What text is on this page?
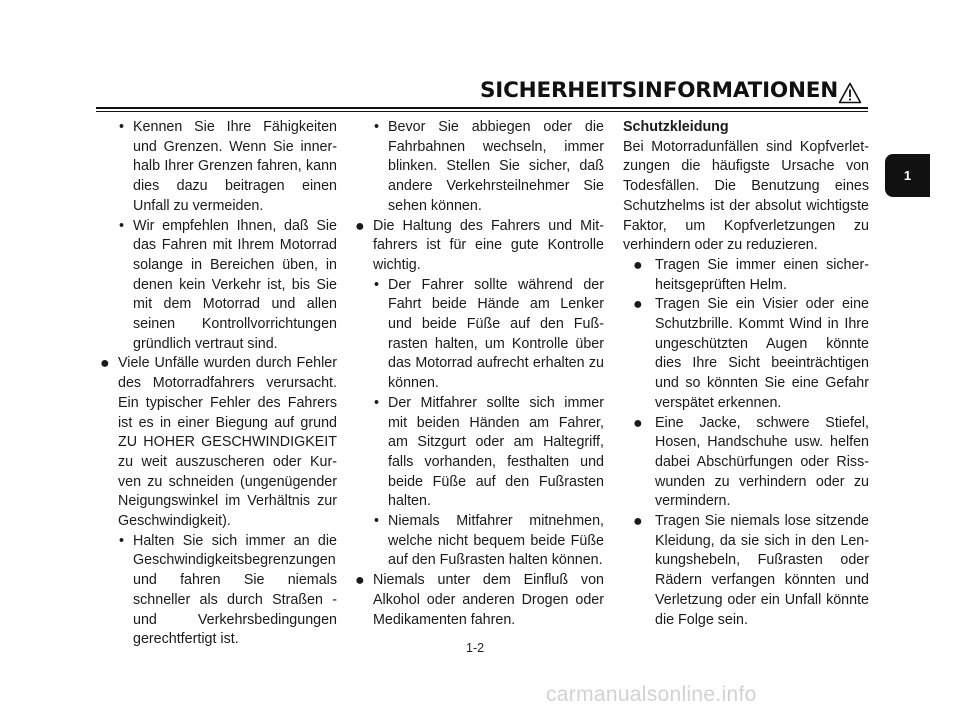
SICHERHEITSINFORMATIONEN
1

• Kennen Sie Ihre Fähigkeiten und Grenzen. Wenn Sie innerhalb Ihrer Grenzen fahren, kann dies dazu beitragen einen Unfall zu vermeiden.

• Wir empfehlen Ihnen, daß Sie das Fahren mit Ihrem Motorrad solange in Bereichen üben, in denen kein Verkehr ist, bis Sie mit dem Motorrad und allen seinen Kontrollvorrichtungen gründlich vertraut sind.

● Viele Unfälle wurden durch Fehler des Motorradfahrers verursacht. Ein typischer Fehler des Fahrers ist es in einer Biegung auf grund ZU HOHER GESCHWINDIGKEIT zu weit auszuscheren oder Kurven zu schneiden (ungenügender Neigungswinkel im Verhältnis zur Geschwindigkeit).

• Halten Sie sich immer an die Geschwindigkeitsbegrenzungen und fahren Sie niemals schneller als durch Straßen - und Verkehrsbedingungen gerechtfertigt ist.

• Bevor Sie abbiegen oder die Fahrbahnen wechseln, immer blinken. Stellen Sie sicher, daß andere Verkehrsteilnehmer Sie sehen können.

● Die Haltung des Fahrers und Mitfahrers ist für eine gute Kontrolle wichtig.

• Der Fahrer sollte während der Fahrt beide Hände am Lenker und beide Füße auf den Fußrasten halten, um Kontrolle über das Motorrad aufrecht erhalten zu können.

• Der Mitfahrer sollte sich immer mit beiden Händen am Fahrer, am Sitzgurt oder am Haltegriff, falls vorhanden, festhalten und beide Füße auf den Fußrasten halten.

• Niemals Mitfahrer mitnehmen, welche nicht bequem beide Füße auf den Fußrasten halten können.

● Niemals unter dem Einfluß von Alkohol oder anderen Drogen oder Medikamenten fahren.

Schutzkleidung

Bei Motorradunfällen sind Kopfverletzungen die häufigste Ursache von Todesfällen. Die Benutzung eines Schutzhelms ist der absolut wichtigste Faktor, um Kopfverletzungen zu verhindern oder zu reduzieren.

● Tragen Sie immer einen sicherheitsgeprüften Helm.

● Tragen Sie ein Visier oder eine Schutzbrille. Kommt Wind in Ihre ungeschützten Augen könnte dies Ihre Sicht beeinträchtigen und so könnten Sie eine Gefahr verspätet erkennen.

● Eine Jacke, schwere Stiefel, Hosen, Handschuhe usw. helfen dabei Abschürfungen oder Risswunden zu verhindern oder zu vermindern.

● Tragen Sie niemals lose sitzende Kleidung, da sie sich in den Lenkungshebeln, Fußrasten oder Rädern verfangen könnten und Verletzung oder ein Unfall könnte die Folge sein.

1-2
carmanualsonline.info
